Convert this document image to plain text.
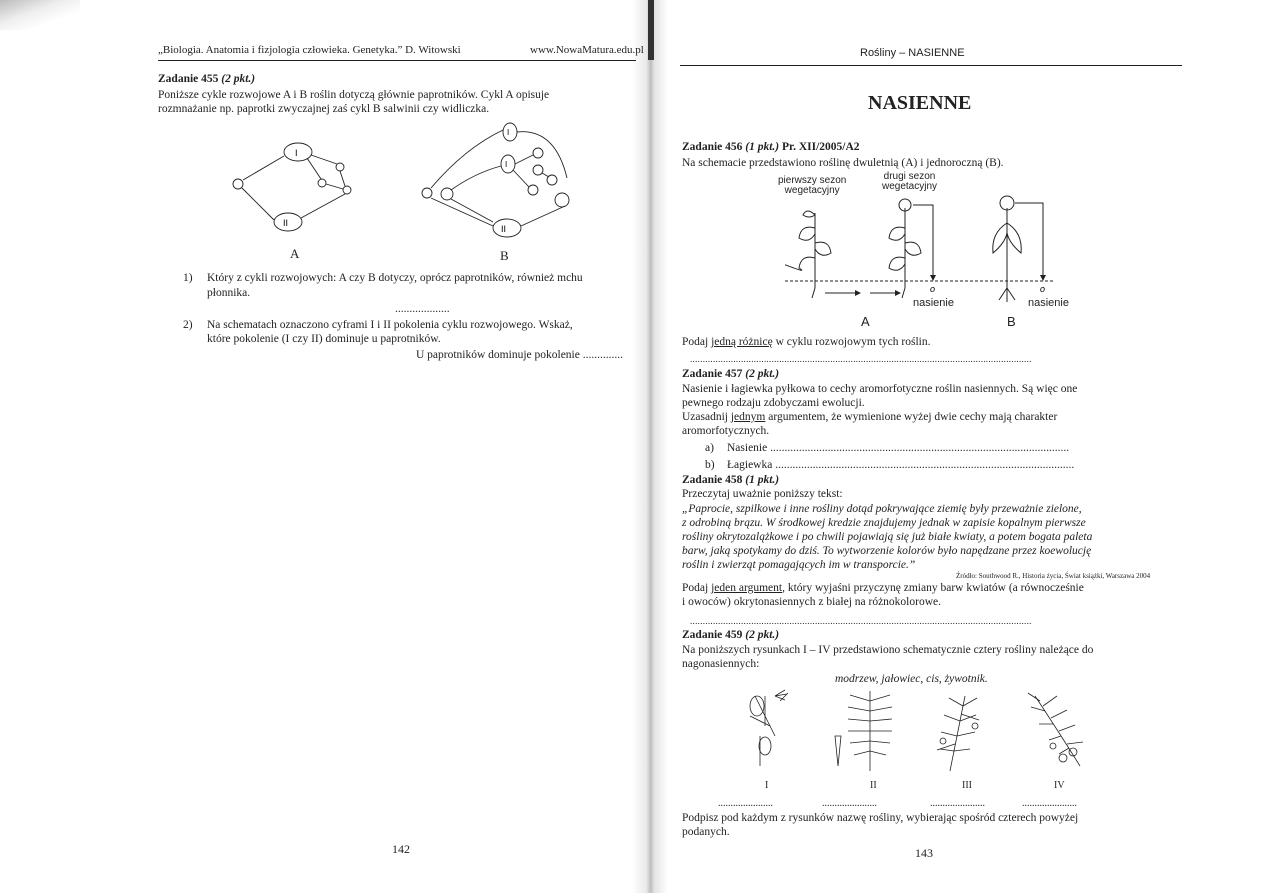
„Biologia. Anatomia i fizjologia człowieka. Genetyka.” D. Witowski	www.NowaMatura.edu.pl
Zadanie 455 (2 pkt.)
Poniższe cykle rozwojowe A i B roślin dotyczą głównie paprotników. Cykl A opisuje
rozmnażanie np. paprotki zwyczajnej zaś cykl B salwinii czy widliczka.
I
II
A
I
I
II
B
1) Który z cykli rozwojowych: A czy B dotyczy, oprócz paprotników, również mchu
płonnika.
...................
2) Na schematach oznaczono cyframi I i II pokolenia cyklu rozwojowego. Wskaż,
które pokolenie (I czy II) dominuje u paprotników.
U paprotników dominuje pokolenie ..............
142
Rośliny – NASIENNE
NASIENNE
Zadanie 456 (1 pkt.) Pr. XII/2005/A2
Na schemacie przedstawiono roślinę dwuletnią (A) i jednoroczną (B).
pierwszy sezon
wegetacyjny
drugi sezon
wegetacyjny
o	o
nasienie	nasienie
A	B
Podaj jedną różnicę w cyklu rozwojowym tych roślin.
......................................................................................................................................
Zadanie 457 (2 pkt.)
Nasienie i łagiewka pyłkowa to cechy aromorfotyczne roślin nasiennych. Są więc one
pewnego rodzaju zdobyczami ewolucji.
Uzasadnij jednym argumentem, że wymienione wyżej dwie cechy mają charakter
aromorfotycznych.
a) Nasienie ........................................................................................................
b) Łagiewka ........................................................................................................
Zadanie 458 (1 pkt.)
Przeczytaj uważnie poniższy tekst:
„Paprocie, szpilkowe i inne rośliny dotąd pokrywające ziemię były przeważnie zielone,
z odrobiną brązu. W środkowej kredzie znajdujemy jednak w zapisie kopalnym pierwsze
rośliny okrytozalążkowe i po chwili pojawiają się już białe kwiaty, a potem bogata paleta
barw, jaką spotykamy do dziś. To wytworzenie kolorów było napędzane przez koewolucję
roślin i zwierząt pomagających im w transporcie.”
Źródło: Southwood R., Historia życia, Świat książki, Warszawa 2004
Podaj jeden argument, który wyjaśni przyczynę zmiany barw kwiatów (a równocześnie
i owoców) okrytonasiennych z białej na różnokolorowe.
......................................................................................................................................
Zadanie 459 (2 pkt.)
Na poniższych rysunkach I – IV przedstawiono schematycznie cztery rośliny należące do
nagonasiennych:
modrzew, jałowiec, cis, żywotnik.
I	II	III	IV
......................	......................	......................	......................
Podpisz pod każdym z rysunków nazwę rośliny, wybierając spośród czterech powyżej
podanych.
143
